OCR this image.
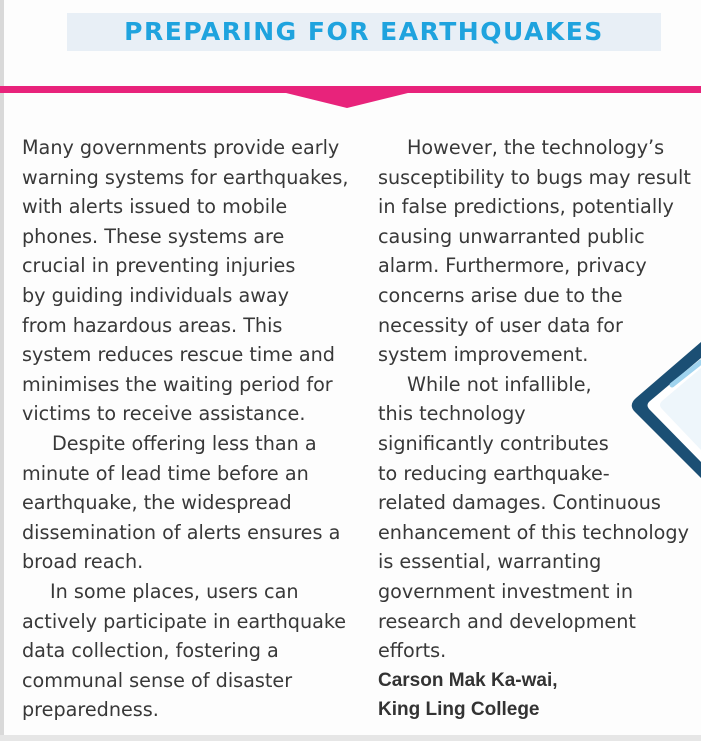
PREPARING FOR EARTHQUAKES
Many governments provide early
warning systems for earthquakes,
with alerts issued to mobile
phones. These systems are
crucial in preventing injuries
by guiding individuals away
from hazardous areas. This
system reduces rescue time and
minimises the waiting period for
victims to receive assistance.
Despite offering less than a
minute of lead time before an
earthquake, the widespread
dissemination of alerts ensures a
broad reach.
In some places, users can
actively participate in earthquake
data collection, fostering a
communal sense of disaster
preparedness.
However, the technology’s
susceptibility to bugs may result
in false predictions, potentially
causing unwarranted public
alarm. Furthermore, privacy
concerns arise due to the
necessity of user data for
system improvement.
While not infallible,
this technology
significantly contributes
to reducing earthquake-
related damages. Continuous
enhancement of this technology
is essential, warranting
government investment in
research and development
efforts.
Carson Mak Ka-wai,
King Ling College
